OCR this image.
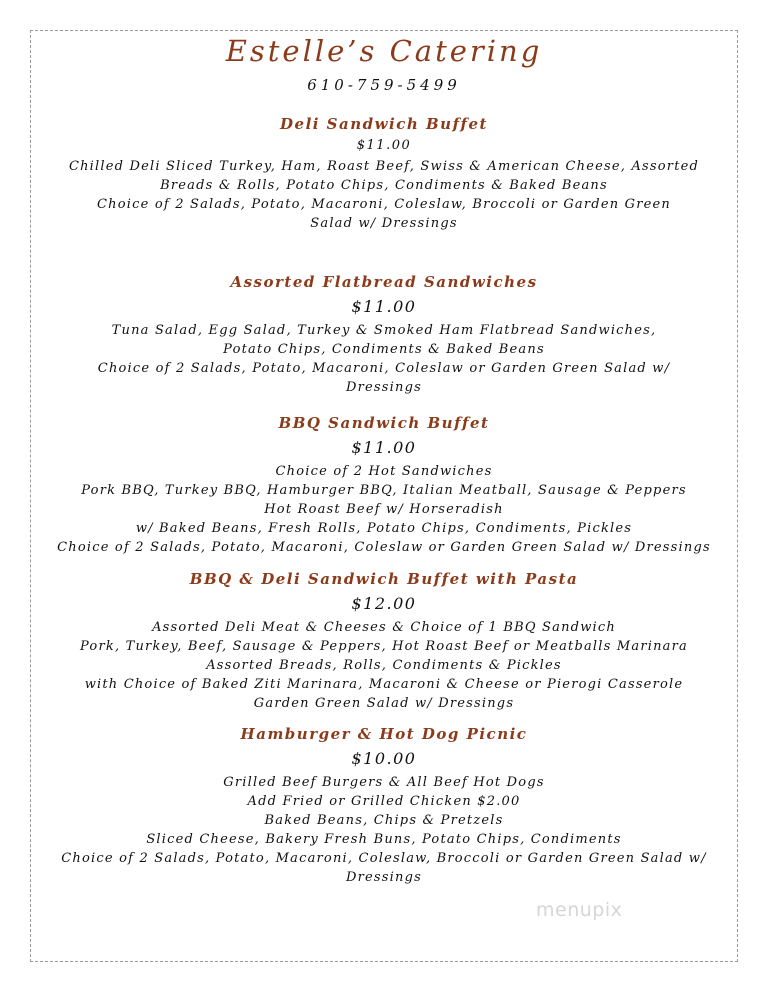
Estelle’s Catering
610-759-5499
Deli Sandwich Buffet
$11.00
Chilled Deli Sliced Turkey, Ham, Roast Beef, Swiss & American Cheese, Assorted
Breads & Rolls, Potato Chips, Condiments & Baked Beans
Choice of 2 Salads, Potato, Macaroni, Coleslaw, Broccoli or Garden Green
Salad w/ Dressings
Assorted Flatbread Sandwiches
$11.00
Tuna Salad, Egg Salad, Turkey & Smoked Ham Flatbread Sandwiches,
Potato Chips, Condiments & Baked Beans
Choice of 2 Salads, Potato, Macaroni, Coleslaw or Garden Green Salad w/
Dressings
BBQ Sandwich Buffet
$11.00
Choice of 2 Hot Sandwiches
Pork BBQ, Turkey BBQ, Hamburger BBQ, Italian Meatball, Sausage & Peppers
Hot Roast Beef w/ Horseradish
w/ Baked Beans, Fresh Rolls, Potato Chips, Condiments, Pickles
Choice of 2 Salads, Potato, Macaroni, Coleslaw or Garden Green Salad w/ Dressings
BBQ & Deli Sandwich Buffet with Pasta
$12.00
Assorted Deli Meat & Cheeses & Choice of 1 BBQ Sandwich
Pork, Turkey, Beef, Sausage & Peppers, Hot Roast Beef or Meatballs Marinara
Assorted Breads, Rolls, Condiments & Pickles
with Choice of Baked Ziti Marinara, Macaroni & Cheese or Pierogi Casserole
Garden Green Salad w/ Dressings
Hamburger & Hot Dog Picnic
$10.00
Grilled Beef Burgers & All Beef Hot Dogs
Add Fried or Grilled Chicken $2.00
Baked Beans, Chips & Pretzels
Sliced Cheese, Bakery Fresh Buns, Potato Chips, Condiments
Choice of 2 Salads, Potato, Macaroni, Coleslaw, Broccoli or Garden Green Salad w/
Dressings
menupix
